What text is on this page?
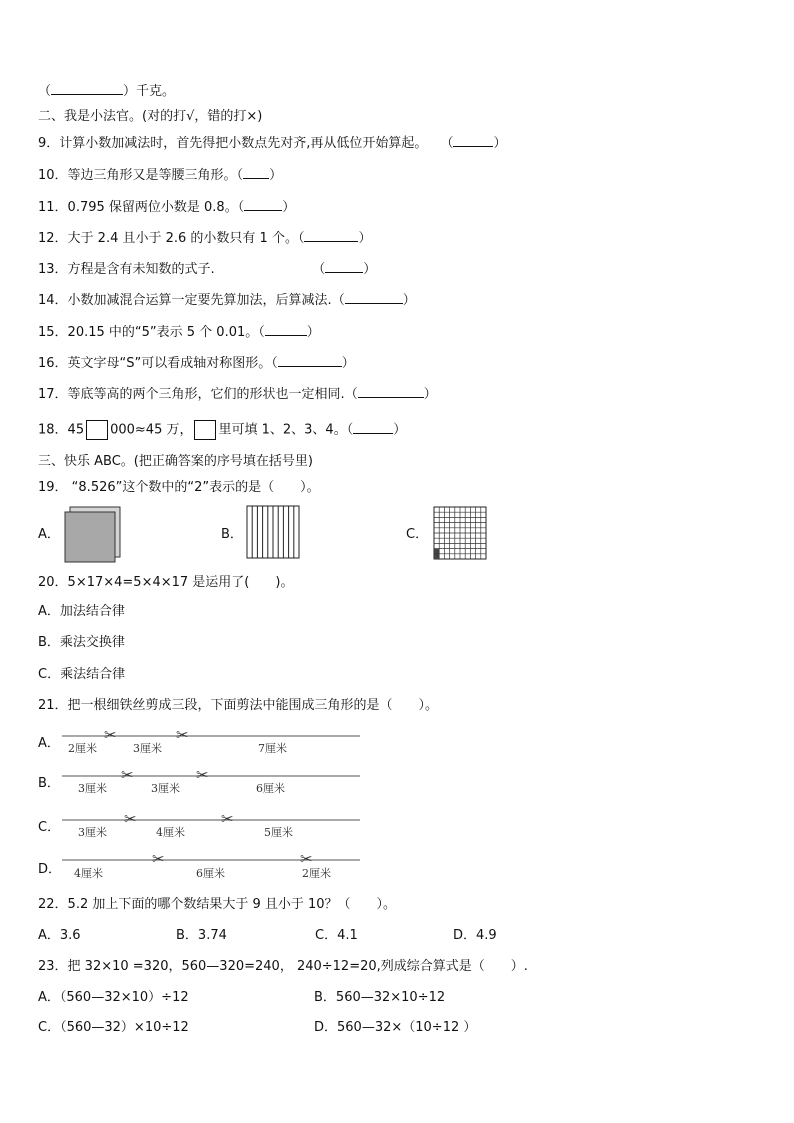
（	）千克。
二、我是小法官。(对的打√，错的打×)
9．计算小数加减法时，首先得把小数点先对齐,再从低位开始算起。　　 （	）
10．等边三角形又是等腰三角形。（ ）
11．0.795 保留两位小数是 0.8。（	）
12．大于 2.4 且小于 2.6 的小数只有 1 个。（	）
13．方程是含有未知数的式子.　　　　　　　　	（	）
14．小数加减混合运算一定要先算加法，后算减法.（	）
15．20.15 中的“5”表示 5 个 0.01。（	）
16．英文字母“S”可以看成轴对称图形。（	）
17．等底等高的两个三角形，它们的形状也一定相同.（	）
18．45 000≈45 万， 里可填 1、2、3、4。（	）
三、快乐 ABC。(把正确答案的序号填在括号里)
19． “8.526”这个数中的“2”表示的是（　　）。
A．	B．	C．
20．5×17×4=5×4×17 是运用了(　　)。
A．加法结合律
B．乘法交换律
C．乘法结合律
21．把一根细铁丝剪成三段，下面剪法中能围成三角形的是（　　）。
A． 2厘米	3厘米	7厘米
✂	✂
B． 3厘米	3厘米	6厘米
✂	✂
C． 3厘米	4厘米	5厘米
✂	✂
D． 4厘米	6厘米	2厘米
✂	✂
22．5.2 加上下面的哪个数结果大于 9 且小于 10？（　　）。
A．3.6	B．3.74	C．4.1	D．4.9
23．把 32×10 =320，560—320=240， 240÷12=20,列成综合算式是（　　）.
A．（560—32×10）÷12	B．560—32×10÷12
C．（560—32）×10÷12	D．560—32×（10÷12 ）
